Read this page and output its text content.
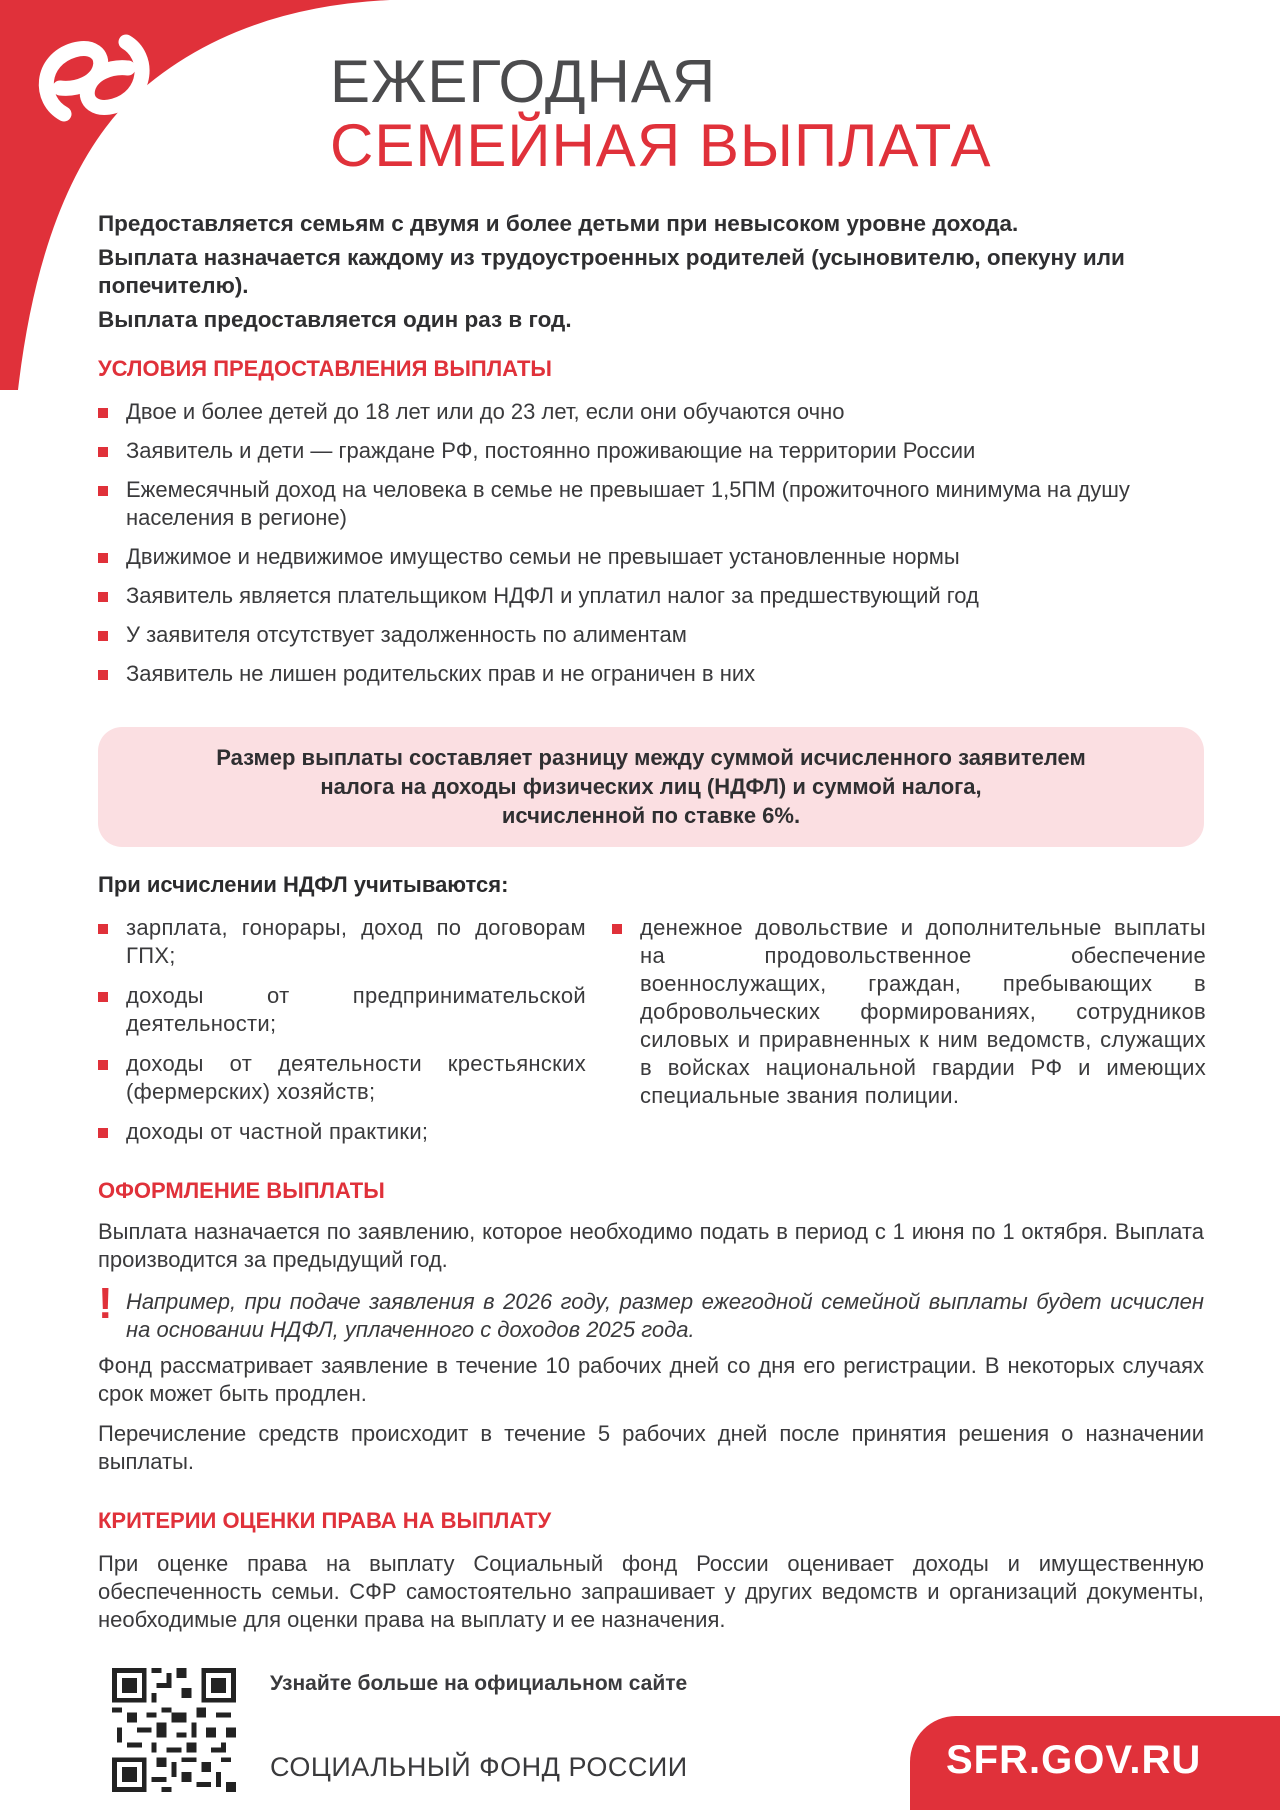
ЕЖЕГОДНАЯ
СЕМЕЙНАЯ ВЫПЛАТА

Предоставляется семьям с двумя и более детьми при невысоком уровне дохода.

Выплата назначается каждому из трудоустроенных родителей (усыновителю, опекуну или попечителю).

Выплата предоставляется один раз в год.

УСЛОВИЯ ПРЕДОСТАВЛЕНИЯ ВЫПЛАТЫ
Двое и более детей до 18 лет или до 23 лет, если они обучаются очно
Заявитель и дети — граждане РФ, постоянно проживающие на территории России
Ежемесячный доход на человека в семье не превышает 1,5ПМ (прожиточного минимума на душу населения в регионе)
Движимое и недвижимое имущество семьи не превышает установленные нормы
Заявитель является плательщиком НДФЛ и уплатил налог за предшествующий год
У заявителя отсутствует задолженность по алиментам
Заявитель не лишен родительских прав и не ограничен в них
Размер выплаты составляет разницу между суммой исчисленного заявителем
налога на доходы физических лиц (НДФЛ) и суммой налога,
исчисленной по ставке 6%.
При исчислении НДФЛ учитываются:
зарплата, гонорары, доход по договорам ГПХ;
доходы от предпринимательской деятельности;
доходы от деятельности крестьянских (фермерских) хозяйств;
доходы от частной практики;
денежное довольствие и дополнительные выплаты на продовольственное обеспечение военнослужащих, граждан, пребывающих в добровольческих формированиях, сотрудников силовых и приравненных к ним ведомств, служащих в войсках национальной гвардии РФ и имеющих специальные звания полиции.
ОФОРМЛЕНИЕ ВЫПЛАТЫ

Выплата назначается по заявлению, которое необходимо подать в период с 1 июня по 1 октября. Выплата производится за предыдущий год.

! Например, при подаче заявления в 2026 году, размер ежегодной семейной выплаты будет исчислен на основании НДФЛ, уплаченного с доходов 2025 года.

Фонд рассматривает заявление в течение 10 рабочих дней со дня его регистрации. В некоторых случаях срок может быть продлен.

Перечисление средств происходит в течение 5 рабочих дней после принятия решения о назначении выплаты.

КРИТЕРИИ ОЦЕНКИ ПРАВА НА ВЫПЛАТУ

При оценке права на выплату Социальный фонд России оценивает доходы и имущественную обеспеченность семьи. СФР самостоятельно запрашивает у других ведомств и организаций документы, необходимые для оценки права на выплату и ее назначения.

Узнайте больше на официальном сайте
СОЦИАЛЬНЫЙ ФОНД РОССИИ	SFR.GOV.RU
